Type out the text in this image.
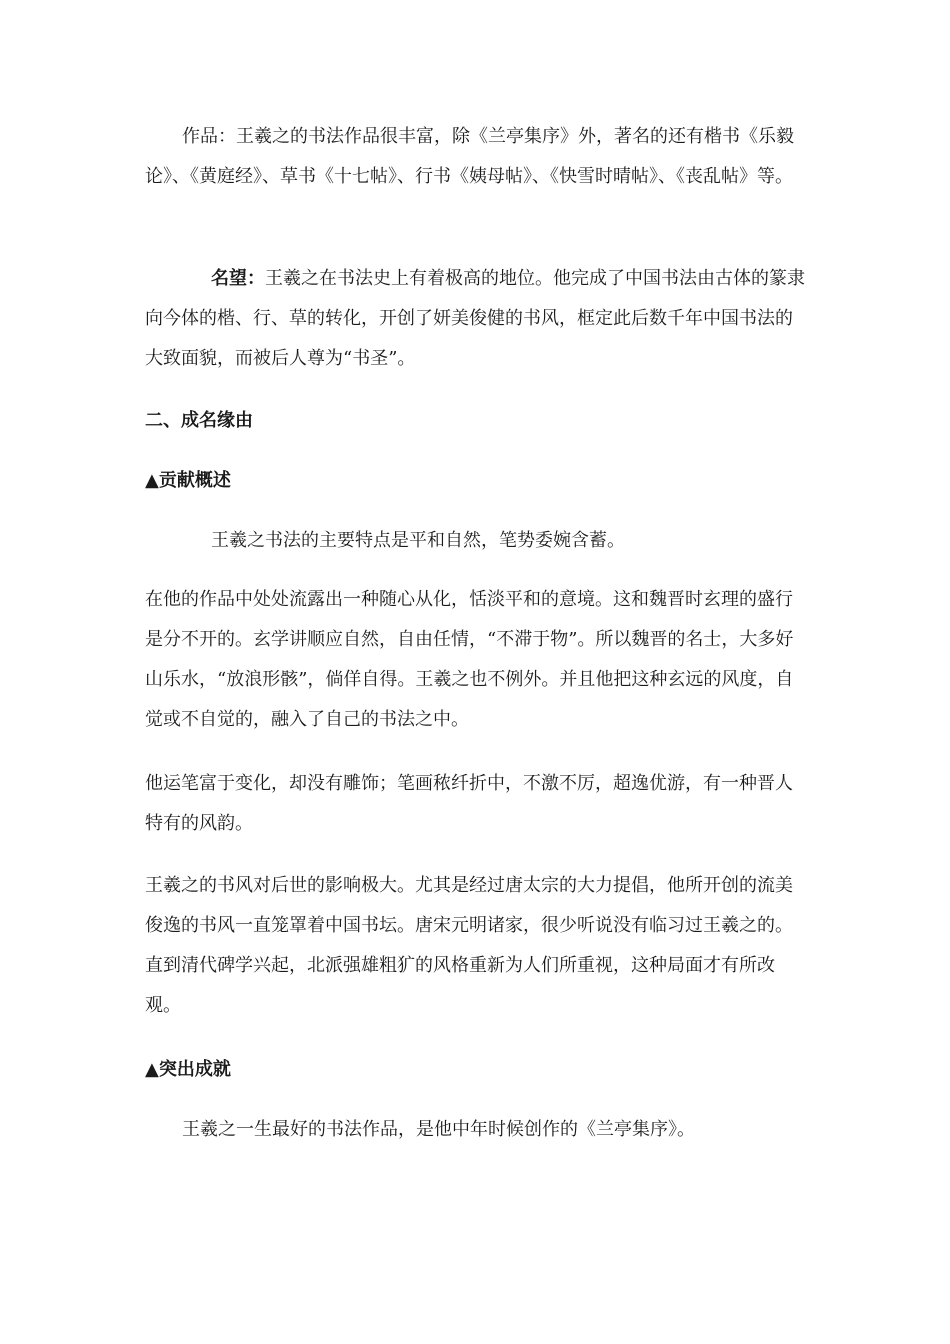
作品：王羲之的书法作品很丰富，除《兰亭集序》外，著名的还有楷书《乐毅论》、《黄庭经》、草书《十七帖》、行书《姨母帖》、《快雪时晴帖》、《丧乱帖》等。

名望：王羲之在书法史上有着极高的地位。他完成了中国书法由古体的篆隶向今体的楷、行、草的转化，开创了妍美俊健的书风，框定此后数千年中国书法的大致面貌，而被后人尊为“书圣”。

二、成名缘由
▲贡献概述

王羲之书法的主要特点是平和自然，笔势委婉含蓄。

在他的作品中处处流露出一种随心从化，恬淡平和的意境。这和魏晋时玄理的盛行是分不开的。玄学讲顺应自然，自由任情，“不滞于物”。所以魏晋的名士，大多好山乐水，“放浪形骸”，倘佯自得。王羲之也不例外。并且他把这种玄远的风度，自觉或不自觉的，融入了自己的书法之中。

他运笔富于变化，却没有雕饰；笔画秾纤折中，不激不厉，超逸优游，有一种晋人特有的风韵。

王羲之的书风对后世的影响极大。尤其是经过唐太宗的大力提倡，他所开创的流美俊逸的书风一直笼罩着中国书坛。唐宋元明诸家，很少听说没有临习过王羲之的。直到清代碑学兴起，北派强雄粗犷的风格重新为人们所重视，这种局面才有所改观。

▲突出成就

王羲之一生最好的书法作品，是他中年时候创作的《兰亭集序》。
